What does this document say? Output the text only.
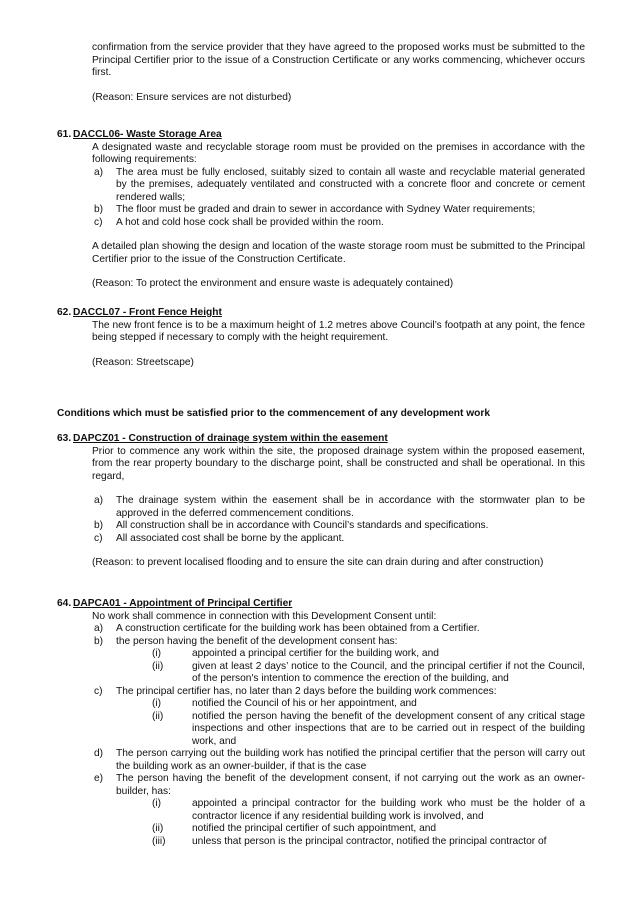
confirmation from the service provider that they have agreed to the proposed works must be submitted to the Principal Certifier prior to the issue of a Construction Certificate or any works commencing, whichever occurs first.

(Reason: Ensure services are not disturbed)

61. DACCL06- Waste Storage Area

A designated waste and recyclable storage room must be provided on the premises in accordance with the following requirements:

a) The area must be fully enclosed, suitably sized to contain all waste and recyclable material generated by the premises, adequately ventilated and constructed with a concrete floor and concrete or cement rendered walls;
b) The floor must be graded and drain to sewer in accordance with Sydney Water requirements;
c) A hot and cold hose cock shall be provided within the room.

A detailed plan showing the design and location of the waste storage room must be submitted to the Principal Certifier prior to the issue of the Construction Certificate.

(Reason: To protect the environment and ensure waste is adequately contained)

62. DACCL07 - Front Fence Height

The new front fence is to be a maximum height of 1.2 metres above Council’s footpath at any point, the fence being stepped if necessary to comply with the height requirement.

(Reason: Streetscape)

Conditions which must be satisfied prior to the commencement of any development work

63. DAPCZ01 - Construction of drainage system within the easement

Prior to commence any work within the site, the proposed drainage system within the proposed easement, from the rear property boundary to the discharge point, shall be constructed and shall be operational. In this regard,

a) The drainage system within the easement shall be in accordance with the stormwater plan to be approved in the deferred commencement conditions.
b) All construction shall be in accordance with Council’s standards and specifications.
c) All associated cost shall be borne by the applicant.

(Reason: to prevent localised flooding and to ensure the site can drain during and after construction)

64. DAPCA01 - Appointment of Principal Certifier

No work shall commence in connection with this Development Consent until:

a) A construction certificate for the building work has been obtained from a Certifier.
b) the person having the benefit of the development consent has:
(i)	appointed a principal certifier for the building work, and
(ii)	given at least 2 days’ notice to the Council, and the principal certifier if not the Council, of the person's intention to commence the erection of the building, and
c) The principal certifier has, no later than 2 days before the building work commences:
(i)	notified the Council of his or her appointment, and
(ii)	notified the person having the benefit of the development consent of any critical stage inspections and other inspections that are to be carried out in respect of the building work, and
d) The person carrying out the building work has notified the principal certifier that the person will carry out the building work as an owner-builder, if that is the case
e) The person having the benefit of the development consent, if not carrying out the work as an owner-builder, has:
(i)	appointed a principal contractor for the building work who must be the holder of a contractor licence if any residential building work is involved, and
(ii)	notified the principal certifier of such appointment, and
(iii)	unless that person is the principal contractor, notified the principal contractor of
